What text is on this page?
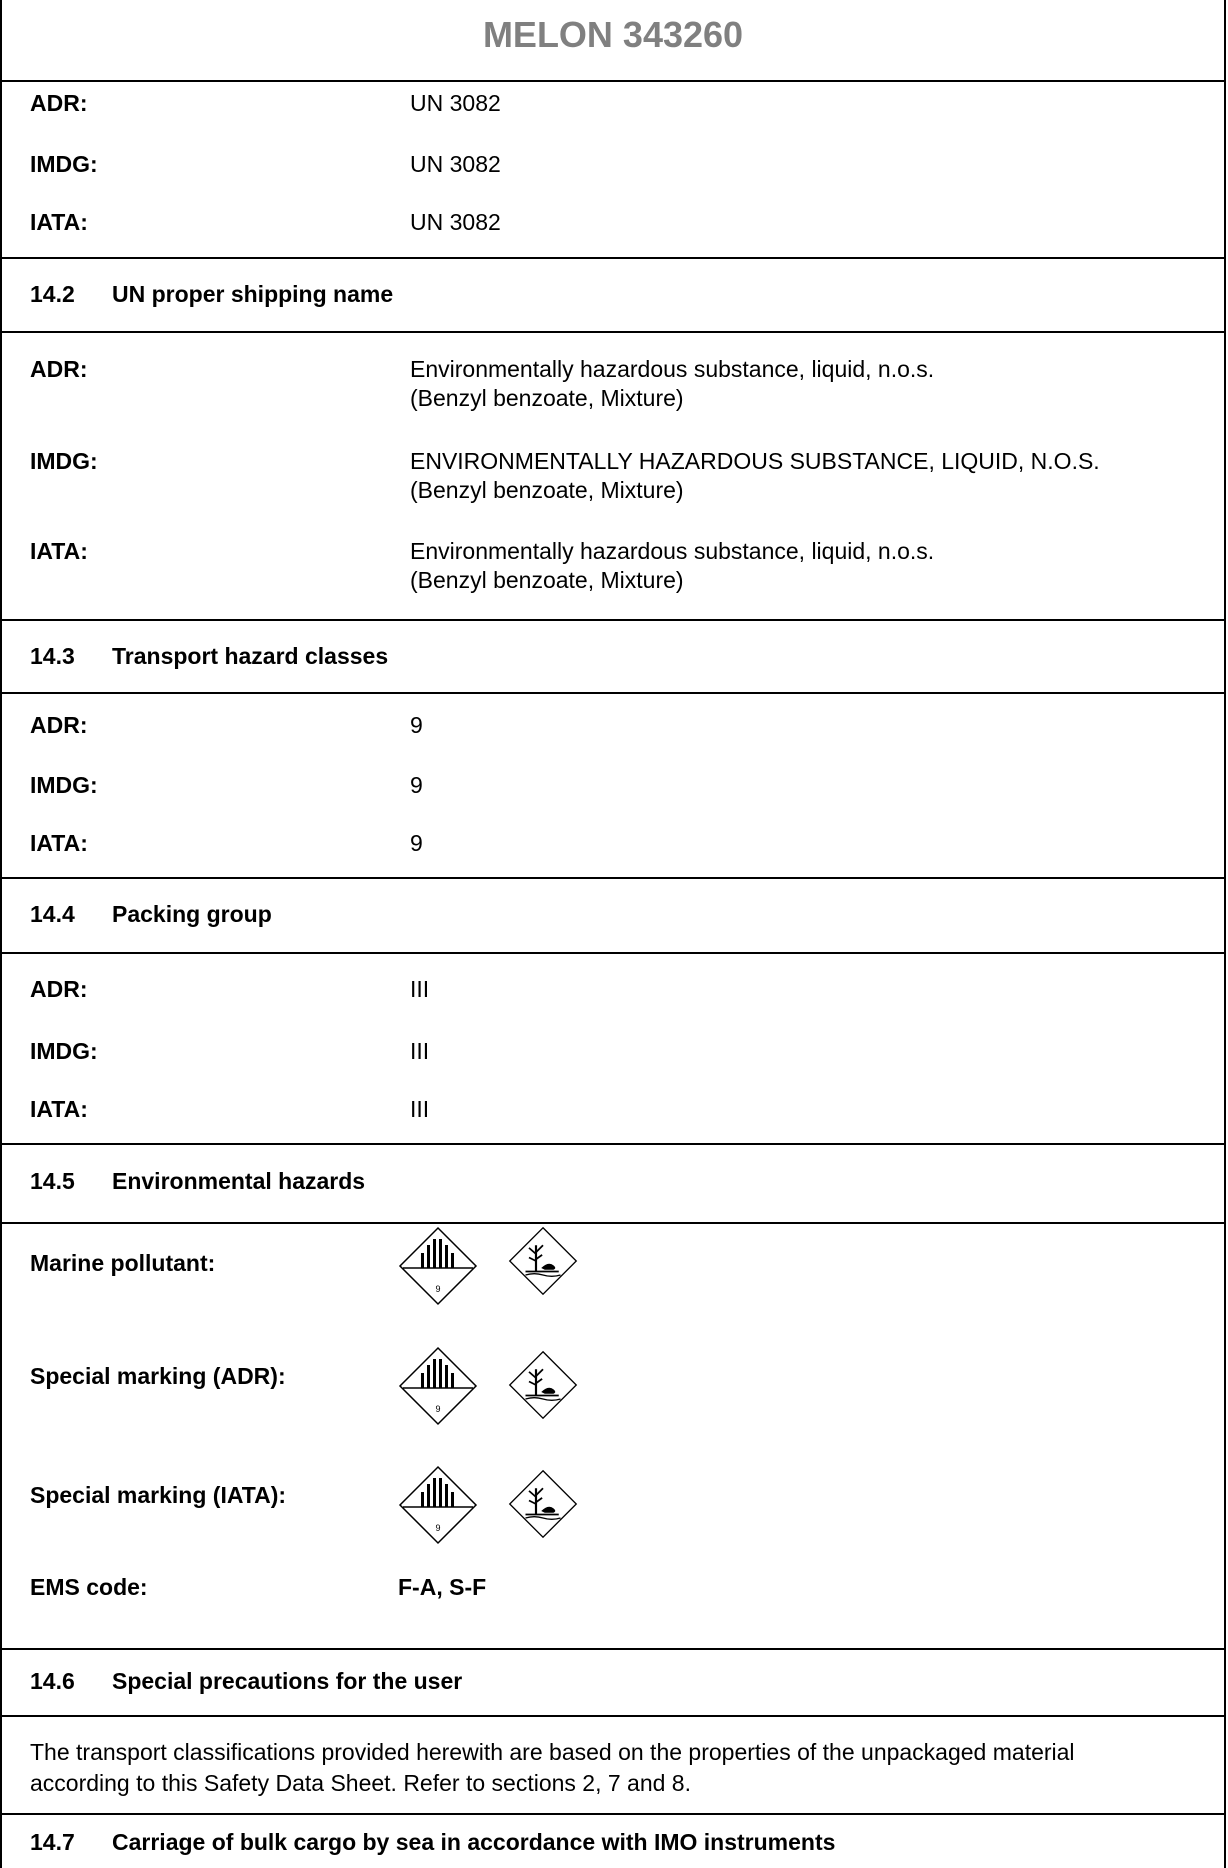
MELON 343260
ADR:	UN 3082
IMDG:	UN 3082
IATA:	UN 3082
14.2 UN proper shipping name
ADR:	Environmentally hazardous substance, liquid, n.o.s.
(Benzyl benzoate, Mixture)
IMDG:	ENVIRONMENTALLY HAZARDOUS SUBSTANCE, LIQUID, N.O.S.
(Benzyl benzoate, Mixture)
IATA:	Environmentally hazardous substance, liquid, n.o.s.
(Benzyl benzoate, Mixture)
14.3 Transport hazard classes
ADR:	9
IMDG:	9
IATA:	9
14.4 Packing group
ADR:	III
IMDG:	III
IATA:	III
14.5 Environmental hazards
Marine pollutant:
Special marking (ADR):
Special marking (IATA):
EMS code:	F-A, S-F
14.6 Special precautions for the user
The transport classifications provided herewith are based on the properties of the unpackaged material according to this Safety Data Sheet. Refer to sections 2, 7 and 8.
14.7 Carriage of bulk cargo by sea in accordance with IMO instruments
